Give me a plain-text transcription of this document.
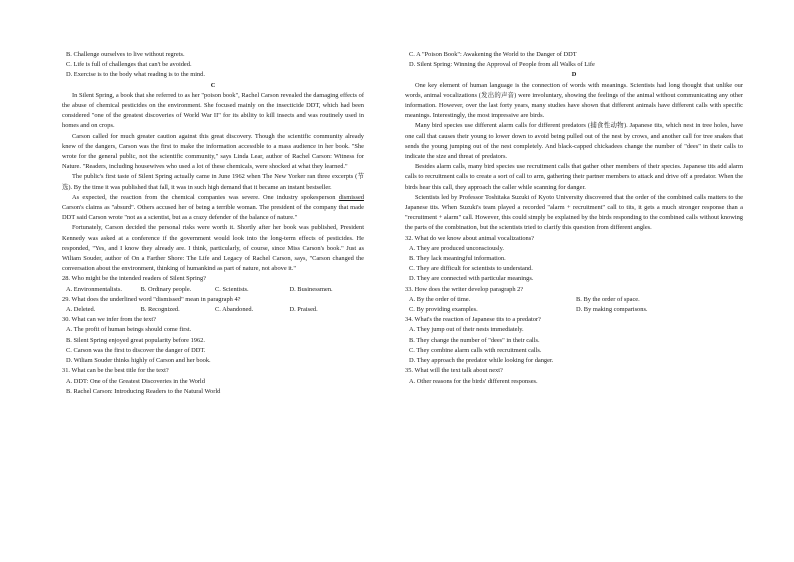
B. Challenge ourselves to live without regrets.

C. Life is full of challenges that can't be avoided.

D. Exercise is to the body what reading is to the mind.

C

In Silent Spring, a book that she referred to as her "poison book", Rachel Carson revealed the damaging effects of the abuse of chemical pesticides on the environment. She focused mainly on the insecticide DDT, which had been considered "one of the greatest discoveries of World War II" for its ability to kill insects and was routinely used in homes and on crops.

Carson called for much greater caution against this great discovery. Though the scientific community already knew of the dangers, Carson was the first to make the information accessible to a mass audience in her book. "She wrote for the general public, not the scientific community," says Linda Lear, author of Rachel Carson: Witness for Nature. "Readers, including housewives who used a lot of these chemicals, were shocked at what they learned."

The public's first taste of Silent Spring actually came in June 1962 when The New Yorker ran three excerpts (节选). By the time it was published that fall, it was in such high demand that it became an instant bestseller.

As expected, the reaction from the chemical companies was severe. One industry spokesperson dismissed Carson's claims as "absurd". Others accused her of being a terrible woman. The president of the company that made DDT said Carson wrote "not as a scientist, but as a crazy defender of the balance of nature."

Fortunately, Carson decided the personal risks were worth it. Shortly after her book was published, President Kennedy was asked at a conference if the government would look into the long-term effects of pesticides. He responded, "Yes, and I know they already are. I think, particularly, of course, since Miss Carson's book." Just as Wiliam Souder, author of On a Farther Shore: The Life and Legacy of Rachel Carson, says, "Carson changed the conversation about the environment, thinking of humankind as part of nature, not above it."

28. Who might be the intended readers of Silent Spring?

A. Environmentalists.	B. Ordinary people.	C. Scientists.	D. Businessmen.

29. What does the underlined word "dismissed" mean in paragraph 4?

A. Deleted.	B. Recognized.	C. Abandoned.	D. Praised.

30. What can we infer from the text?

A. The profit of human beings should come first.

B. Silent Spring enjoyed great popularity before 1962.

C. Carson was the first to discover the danger of DDT.

D. Wiliam Souder thinks highly of Carson and her book.

31. What can be the best title for the text?

A. DDT: One of the Greatest Discoveries in the World

B. Rachel Carson: Introducing Readers to the Natural World

C. A "Poison Book": Awakening the World to the Danger of DDT

D. Silent Spring: Winning the Approval of People from all Walks of Life

D

One key element of human language is the connection of words with meanings. Scientists had long thought that unlike our words, animal vocalizations (发出的声音) were involuntary, showing the feelings of the animal without communicating any other information. However, over the last forty years, many studies have shown that different animals have different calls with specific meanings. Interestingly, the most impressive are birds.

Many bird species use different alarm calls for different predators (捕食性动物). Japanese tits, which nest in tree holes, have one call that causes their young to lower down to avoid being pulled out of the nest by crows, and another call for tree snakes that sends the young jumping out of the nest completely. And black-capped chickadees change the number of "dees" in their calls to indicate the size and threat of predators.

Besides alarm calls, many bird species use recruitment calls that gather other members of their species. Japanese tits add alarm calls to recruitment calls to create a sort of call to arm, gathering their partner members to attack and drive off a predator. When the birds hear this call, they approach the caller while scanning for danger.

Scientists led by Professor Toshitaka Suzuki of Kyoto University discovered that the order of the combined calls matters to the Japanese tits. When Suzuki's team played a recorded "alarm + recruitment" call to tits, it gets a much stronger response than a "recruitment + alarm" call. However, this could simply be explained by the birds responding to the combined calls without knowing the parts of the combination, but the scientists tried to clarify this question from different angles.

32. What do we know about animal vocalizations?

A. They are produced unconsciously.

B. They lack meaningful information.

C. They are difficult for scientists to understand.

D. They are connected with particular meanings.

33. How does the writer develop paragraph 2?

A. By the order of time.	B. By the order of space.
C. By providing examples.	D. By making comparisons.

34. What's the reaction of Japanese tits to a predator?

A. They jump out of their nests immediately.

B. They change the number of "dees" in their calls.

C. They combine alarm calls with recruitment calls.

D. They approach the predator while looking for danger.

35. What will the text talk about next?

A. Other reasons for the birds' different responses.
